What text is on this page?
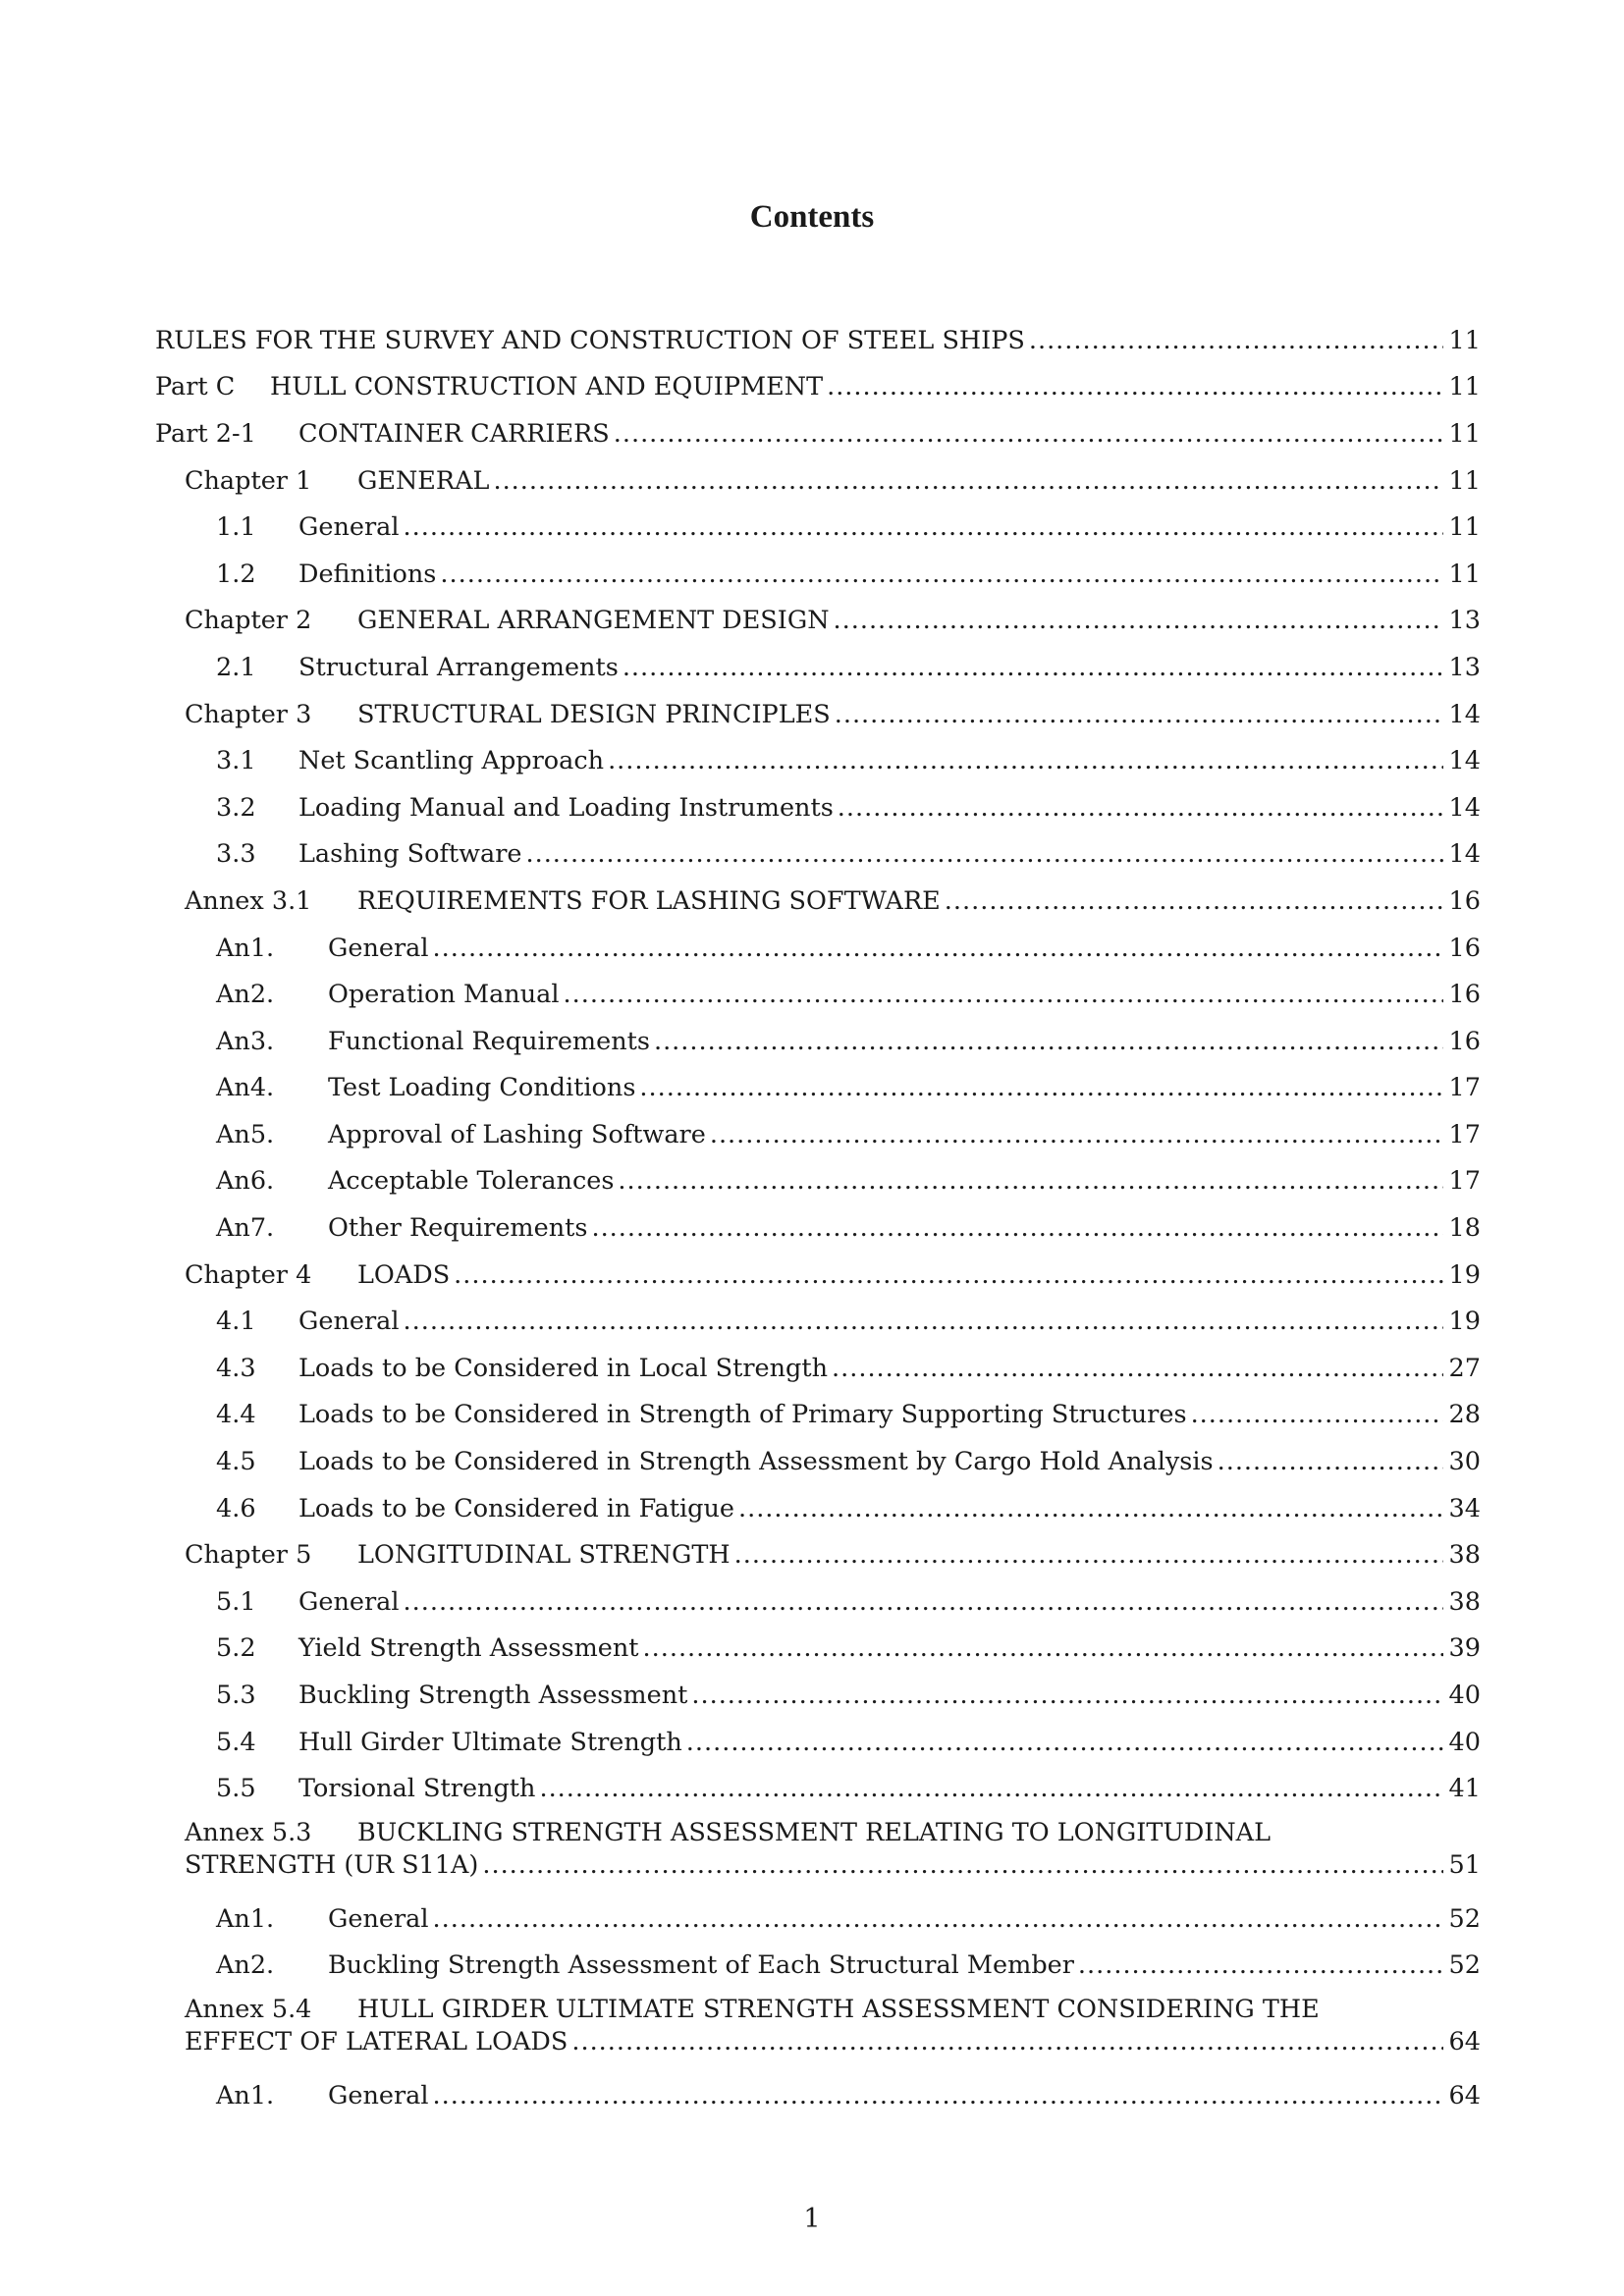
Contents
RULES FOR THE SURVEY AND CONSTRUCTION OF STEEL SHIPS .....	11
Part C	HULL CONSTRUCTION AND EQUIPMENT .....	11
Part 2-1	CONTAINER CARRIERS .....	11
Chapter 1	GENERAL .....	11
1.1	General .....	11
1.2	Definitions .....	11
Chapter 2	GENERAL ARRANGEMENT DESIGN .....	13
2.1	Structural Arrangements .....	13
Chapter 3	STRUCTURAL DESIGN PRINCIPLES .....	14
3.1	Net Scantling Approach .....	14
3.2	Loading Manual and Loading Instruments .....	14
3.3	Lashing Software .....	14
Annex 3.1	REQUIREMENTS FOR LASHING SOFTWARE .....	16
An1.	General .....	16
An2.	Operation Manual .....	16
An3.	Functional Requirements .....	16
An4.	Test Loading Conditions .....	17
An5.	Approval of Lashing Software .....	17
An6.	Acceptable Tolerances .....	17
An7.	Other Requirements .....	18
Chapter 4	LOADS .....	19
4.1	General .....	19
4.3	Loads to be Considered in Local Strength .....	27
4.4	Loads to be Considered in Strength of Primary Supporting Structures .....	28
4.5	Loads to be Considered in Strength Assessment by Cargo Hold Analysis .....	30
4.6	Loads to be Considered in Fatigue .....	34
Chapter 5	LONGITUDINAL STRENGTH .....	38
5.1	General .....	38
5.2	Yield Strength Assessment .....	39
5.3	Buckling Strength Assessment .....	40
5.4	Hull Girder Ultimate Strength .....	40
5.5	Torsional Strength .....	41
Annex 5.3	BUCKLING STRENGTH ASSESSMENT RELATING TO LONGITUDINAL
STRENGTH (UR S11A) .....	51
An1.	General .....	52
An2.	Buckling Strength Assessment of Each Structural Member .....	52
Annex 5.4	HULL GIRDER ULTIMATE STRENGTH ASSESSMENT CONSIDERING THE
EFFECT OF LATERAL LOADS .....	64
An1.	General .....	64
1
